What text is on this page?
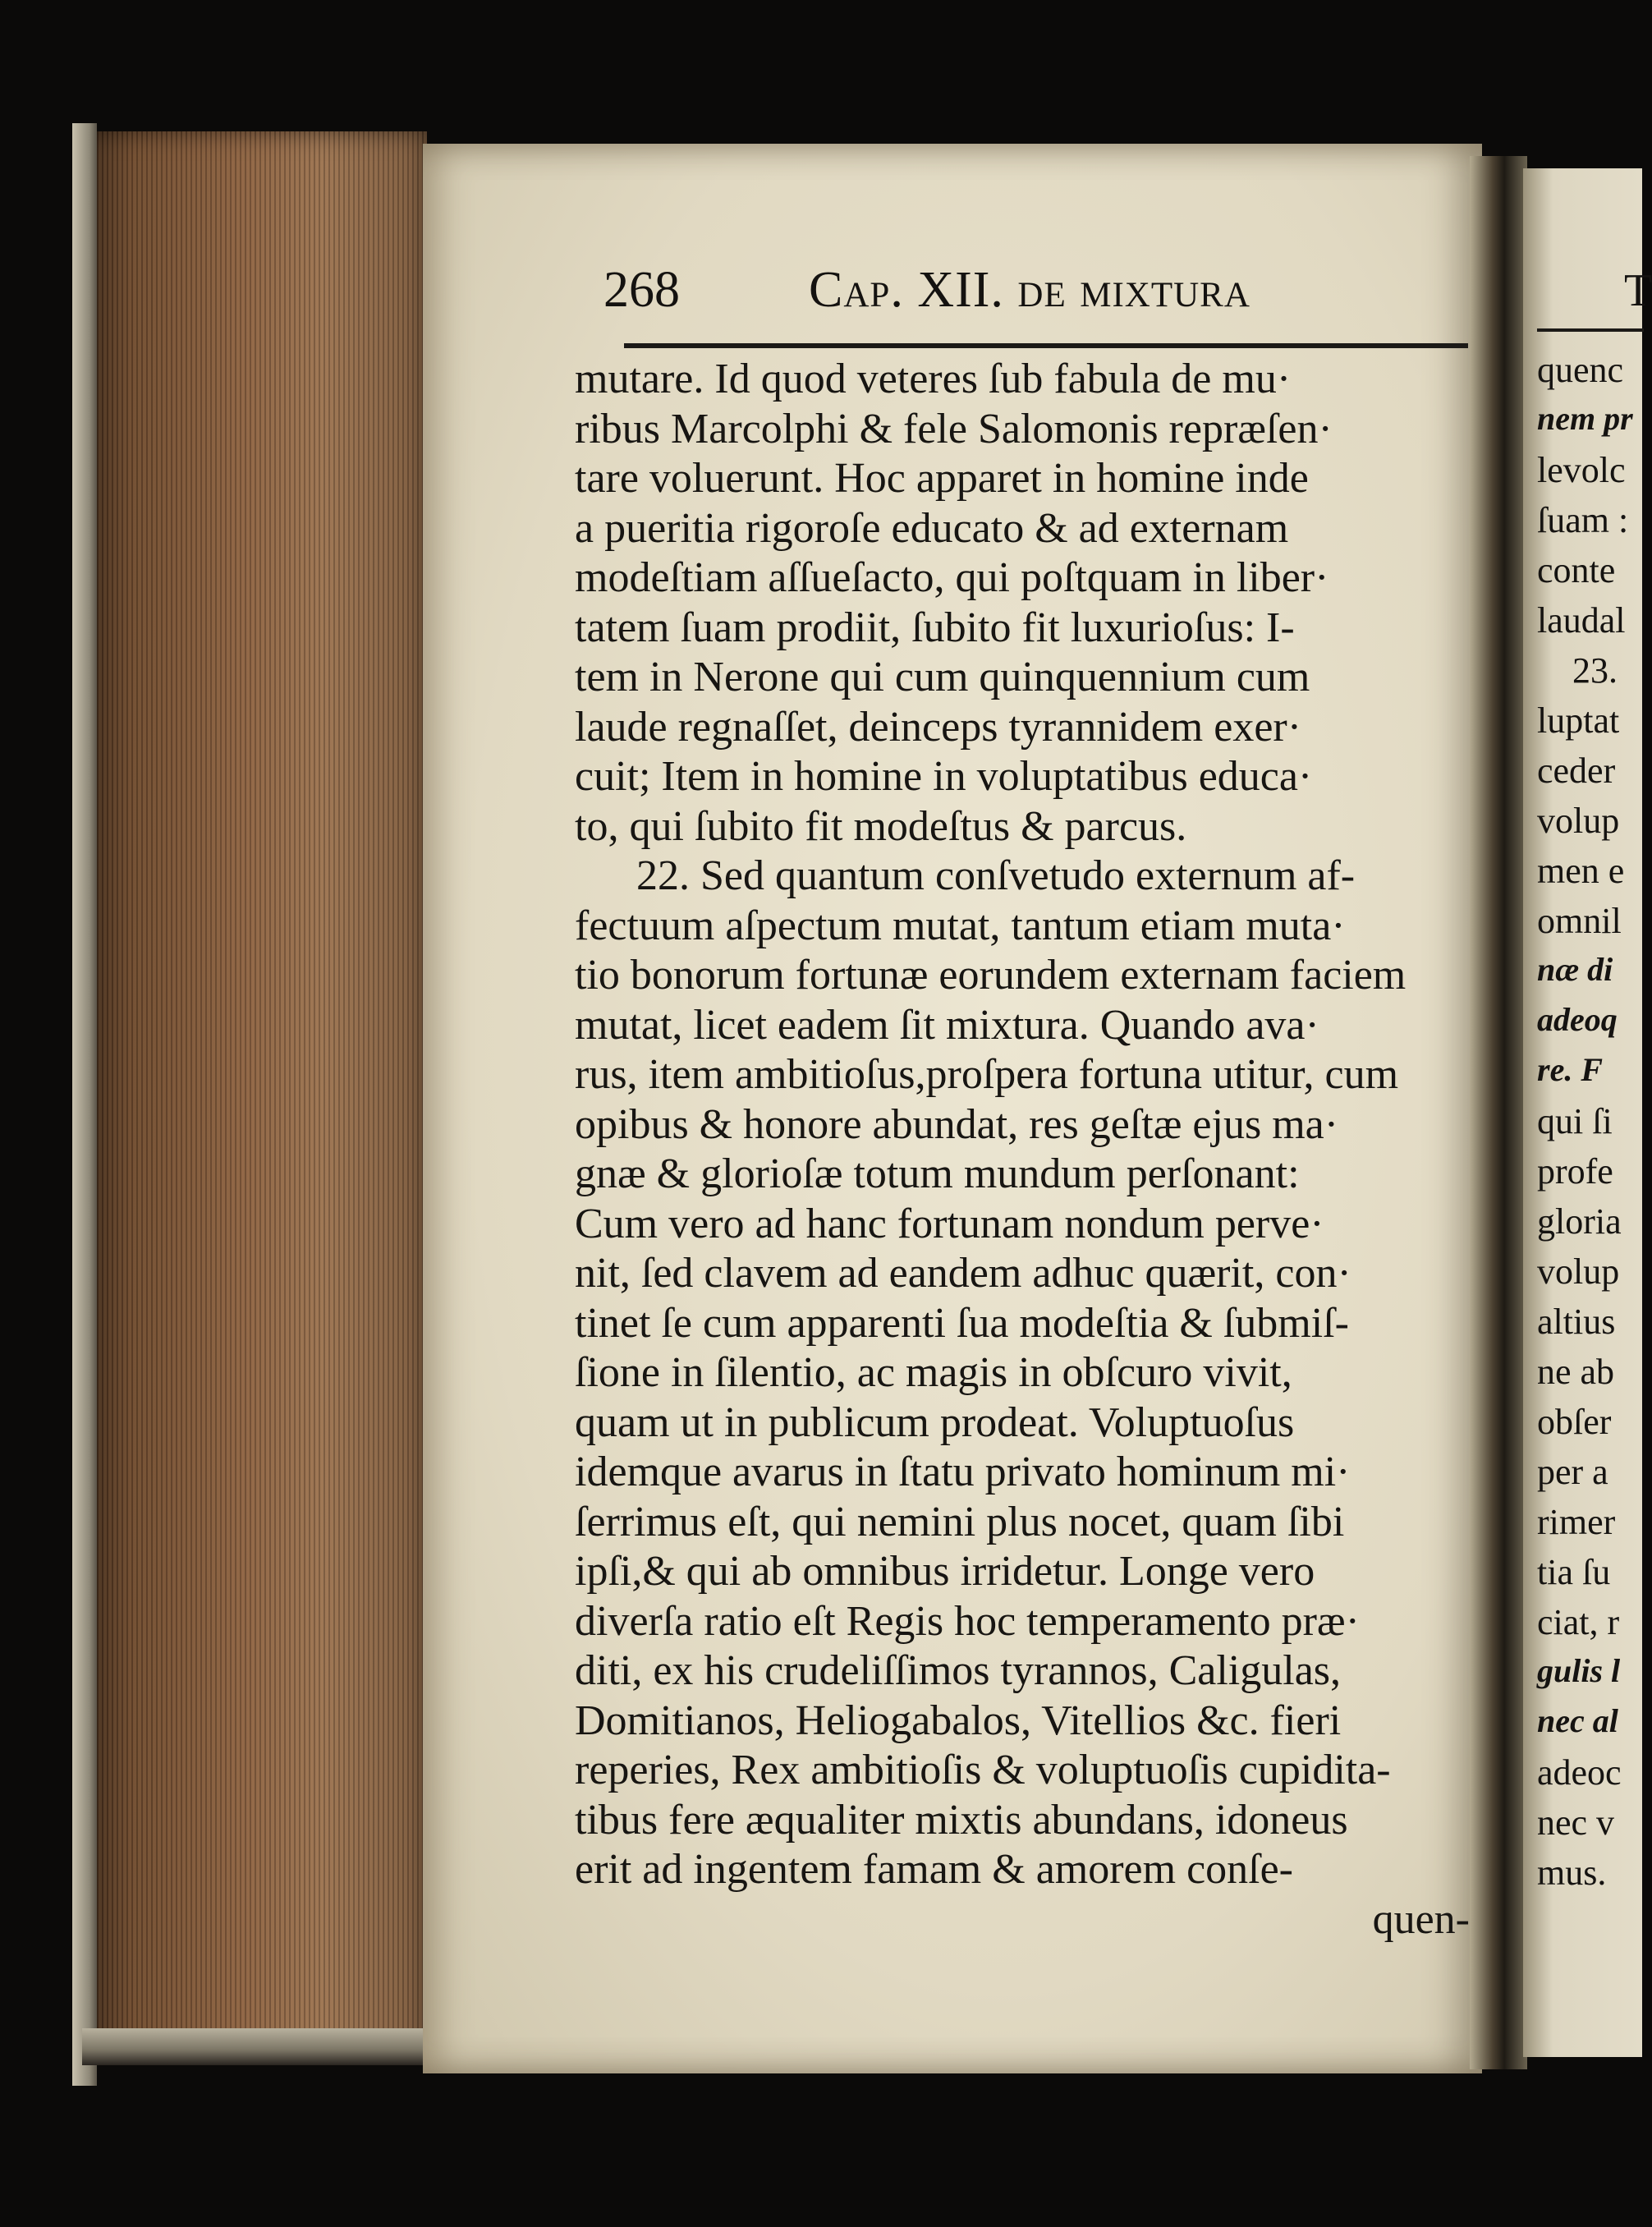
268	Cap. XII. de mixtura
mutare. Id quod veteres ſub fabula de mu·
ribus Marcolphi & fele Salomonis repræſen·
tare voluerunt. Hoc apparet in homine inde
a pueritia rigoroſe educato & ad externam
modeſtiam aſſueſacto, qui poſtquam in liber·
tatem ſuam prodiit, ſubito fit luxurioſus: I-
tem in Nerone qui cum quinquennium cum
laude regnaſſet, deinceps tyrannidem exer·
cuit; Item in homine in voluptatibus educa·
to, qui ſubito fit modeſtus & parcus.
22. Sed quantum conſvetudo externum af-
fectuum aſpectum mutat, tantum etiam muta·
tio bonorum fortunæ eorundem externam faciem
mutat, licet eadem ſit mixtura. Quando ava·
rus, item ambitioſus,proſpera fortuna utitur, cum
opibus & honore abundat, res geſtæ ejus ma·
gnæ & glorioſæ totum mundum perſonant:
Cum vero ad hanc fortunam nondum perve·
nit, ſed clavem ad eandem adhuc quærit, con·
tinet ſe cum apparenti ſua modeſtia & ſubmiſ-
ſione in ſilentio, ac magis in obſcuro vivit,
quam ut in publicum prodeat. Voluptuoſus
idemque avarus in ſtatu privato hominum mi·
ſerrimus eſt, qui nemini plus nocet, quam ſibi
ipſi,& qui ab omnibus irridetur. Longe vero
diverſa ratio eſt Regis hoc temperamento præ·
diti, ex his crudeliſſimos tyrannos, Caligulas,
Domitianos, Heliogabalos, Vitellios &c. fieri
reperies, Rex ambitioſis & voluptuoſis cupidita-
tibus fere æqualiter mixtis abundans, idoneus
erit ad ingentem famam & amorem conſe-
quen-
T
quenc
nem pr
levolc
ſuam :
conte
laudal
23.
luptat
ceder
volup
men e
omnil
næ di
adeoq
re. F
qui ſi
profe
gloria
volup
altius
ne ab
obſer
per a
rimer
tia ſu
ciat, r
gulis l
nec al
adeoc
nec v
mus.
